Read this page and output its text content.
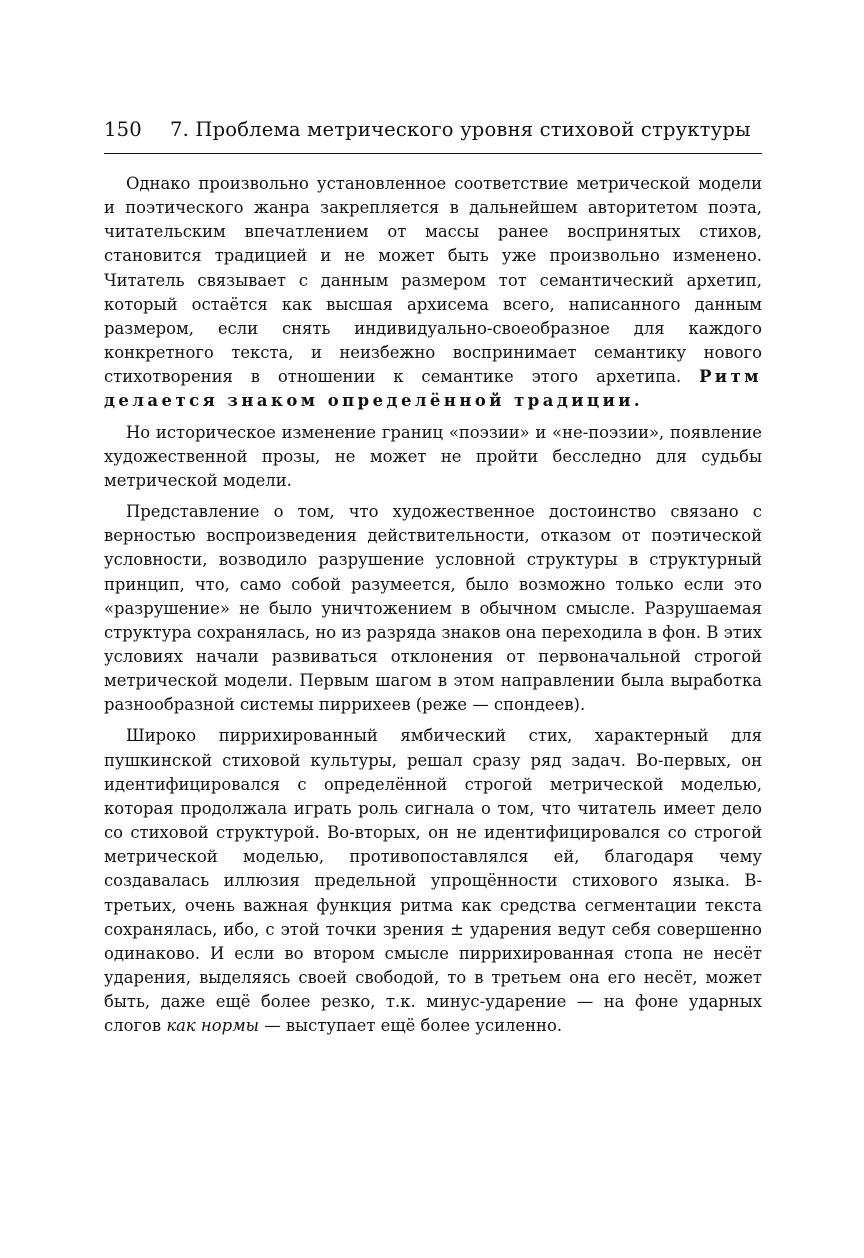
150	7. Проблема метрического уровня стиховой структуры

Однако произвольно установленное соответствие метрической модели и поэтического жанра закрепляется в дальнейшем авторитетом поэта, читательским впечатлением от массы ранее воспринятых стихов, становится традицией и не может быть уже произвольно изменено. Читатель связывает с данным размером тот семантический архетип, который остаётся как высшая архисема всего, написанного данным размером, если снять индивидуально-своеобразное для каждого конкретного текста, и неизбежно воспринимает семантику нового стихотворения в отношении к семантике этого архетипа. Ритм делается знаком определённой традиции.

Но историческое изменение границ «поэзии» и «не-поэзии», появление художественной прозы, не может не пройти бесследно для судьбы метрической модели.

Представление о том, что художественное достоинство связано с верностью воспроизведения действительности, отказом от поэтической условности, возводило разрушение условной структуры в структурный принцип, что, само собой разумеется, было возможно только если это «разрушение» не было уничтожением в обычном смысле. Разрушаемая структура сохранялась, но из разряда знаков она переходила в фон. В этих условиях начали развиваться отклонения от первоначальной строгой метрической модели. Первым шагом в этом направлении была выработка разнообразной системы пиррихеев (реже — спондеев).

Широко пиррихированный ямбический стих, характерный для пушкинской стиховой культуры, решал сразу ряд задач. Во-первых, он идентифицировался с определённой строгой метрической моделью, которая продолжала играть роль сигнала о том, что читатель имеет дело со стиховой структурой. Во-вторых, он не идентифицировался со строгой метрической моделью, противопоставлялся ей, благодаря чему создавалась иллюзия предельной упрощённости стихового языка. В-третьих, очень важная функция ритма как средства сегментации текста сохранялась, ибо, с этой точки зрения ± ударения ведут себя совершенно одинаково. И если во втором смысле пиррихированная стопа не несёт ударения, выделяясь своей свободой, то в третьем она его несёт, может быть, даже ещё более резко, т.к. минус-ударение — на фоне ударных слогов как нормы — выступает ещё более усиленно.
